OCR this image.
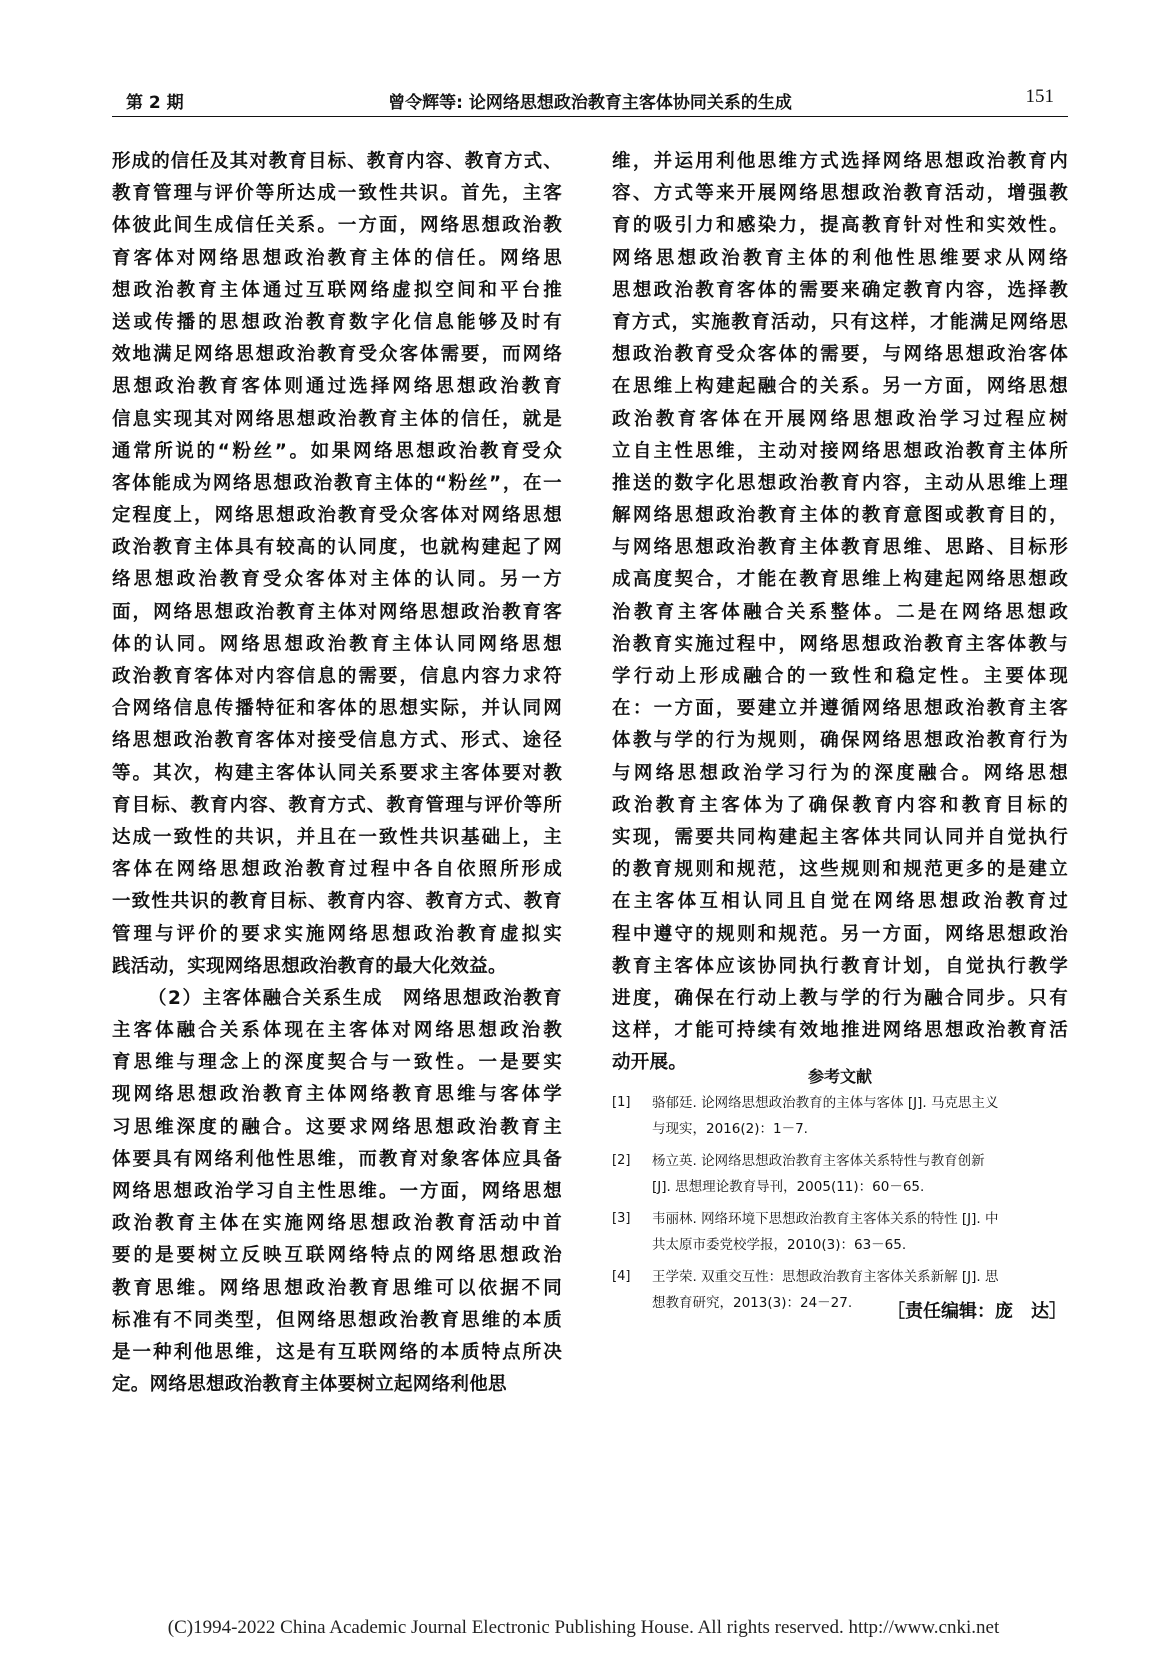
第 2 期	曾令辉等: 论网络思想政治教育主客体协同关系的生成	151
形成的信任及其对教育目标、教育内容、教育方式、
教育管理与评价等所达成一致性共识。首先，主客
体彼此间生成信任关系。一方面，网络思想政治教
育客体对网络思想政治教育主体的信任。网络思
想政治教育主体通过互联网络虚拟空间和平台推
送或传播的思想政治教育数字化信息能够及时有
效地满足网络思想政治教育受众客体需要，而网络
思想政治教育客体则通过选择网络思想政治教育
信息实现其对网络思想政治教育主体的信任，就是
通常所说的“粉丝”。如果网络思想政治教育受众
客体能成为网络思想政治教育主体的“粉丝”，在一
定程度上，网络思想政治教育受众客体对网络思想
政治教育主体具有较高的认同度，也就构建起了网
络思想政治教育受众客体对主体的认同。另一方
面，网络思想政治教育主体对网络思想政治教育客
体的认同。网络思想政治教育主体认同网络思想
政治教育客体对内容信息的需要，信息内容力求符
合网络信息传播特征和客体的思想实际，并认同网
络思想政治教育客体对接受信息方式、形式、途径
等。其次，构建主客体认同关系要求主客体要对教
育目标、教育内容、教育方式、教育管理与评价等所
达成一致性的共识，并且在一致性共识基础上，主
客体在网络思想政治教育过程中各自依照所形成
一致性共识的教育目标、教育内容、教育方式、教育
管理与评价的要求实施网络思想政治教育虚拟实
践活动，实现网络思想政治教育的最大化效益。
（2）主客体融合关系生成　网络思想政治教育
主客体融合关系体现在主客体对网络思想政治教
育思维与理念上的深度契合与一致性。一是要实
现网络思想政治教育主体网络教育思维与客体学
习思维深度的融合。这要求网络思想政治教育主
体要具有网络利他性思维，而教育对象客体应具备
网络思想政治学习自主性思维。一方面，网络思想
政治教育主体在实施网络思想政治教育活动中首
要的是要树立反映互联网络特点的网络思想政治
教育思维。网络思想政治教育思维可以依据不同
标准有不同类型，但网络思想政治教育思维的本质
是一种利他思维，这是有互联网络的本质特点所决
定。网络思想政治教育主体要树立起网络利他思
维，并运用利他思维方式选择网络思想政治教育内
容、方式等来开展网络思想政治教育活动，增强教
育的吸引力和感染力，提高教育针对性和实效性。
网络思想政治教育主体的利他性思维要求从网络
思想政治教育客体的需要来确定教育内容，选择教
育方式，实施教育活动，只有这样，才能满足网络思
想政治教育受众客体的需要，与网络思想政治客体
在思维上构建起融合的关系。另一方面，网络思想
政治教育客体在开展网络思想政治学习过程应树
立自主性思维，主动对接网络思想政治教育主体所
推送的数字化思想政治教育内容，主动从思维上理
解网络思想政治教育主体的教育意图或教育目的，
与网络思想政治教育主体教育思维、思路、目标形
成高度契合，才能在教育思维上构建起网络思想政
治教育主客体融合关系整体。二是在网络思想政
治教育实施过程中，网络思想政治教育主客体教与
学行动上形成融合的一致性和稳定性。主要体现
在：一方面，要建立并遵循网络思想政治教育主客
体教与学的行为规则，确保网络思想政治教育行为
与网络思想政治学习行为的深度融合。网络思想
政治教育主客体为了确保教育内容和教育目标的
实现，需要共同构建起主客体共同认同并自觉执行
的教育规则和规范，这些规则和规范更多的是建立
在主客体互相认同且自觉在网络思想政治教育过
程中遵守的规则和规范。另一方面，网络思想政治
教育主客体应该协同执行教育计划，自觉执行教学
进度，确保在行动上教与学的行为融合同步。只有
这样，才能可持续有效地推进网络思想政治教育活
动开展。
参考文献
[1] 骆郁廷. 论网络思想政治教育的主体与客体 [J]. 马克思主义
与现实，2016(2)：1－7.
[2] 杨立英. 论网络思想政治教育主客体关系特性与教育创新
[J]. 思想理论教育导刊，2005(11)：60－65.
[3] 韦丽林. 网络环境下思想政治教育主客体关系的特性 [J]. 中
共太原市委党校学报，2010(3)：63－65.
[4] 王学荣. 双重交互性：思想政治教育主客体关系新解 [J]. 思
想教育研究，2013(3)：24－27.	［责任编辑：庞　达］
(C)1994-2022 China Academic Journal Electronic Publishing House. All rights reserved. http://www.cnki.net
